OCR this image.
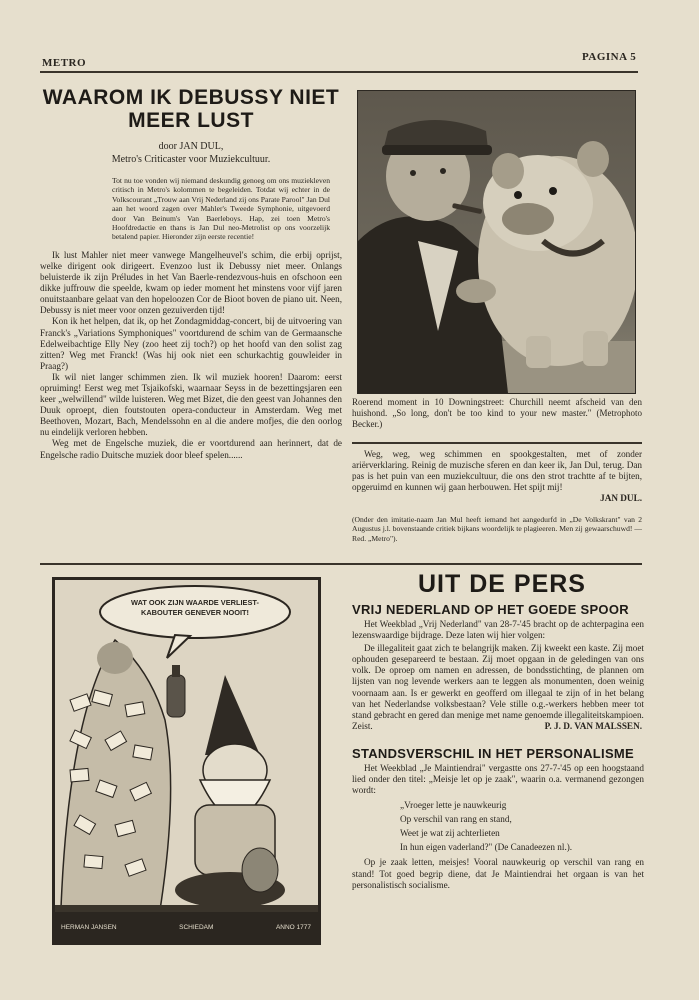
METRO	PAGINA 5
WAAROM IK DEBUSSY NIET
MEER LUST
door JAN DUL,
Metro's Criticaster voor Muziekcultuur.
Tot nu toe vonden wij niemand deskundig genoeg om ons muziekleven critisch in Metro's kolommen te begeleiden. Totdat wij echter in de Volkscourant „Trouw aan Vrij Nederland zij ons Parate Parool" Jan Dul aan het woord zagen over Mahler's Tweede Symphonie, uitgevoerd door Van Beinum's Van Baerleboys. Hap, zei toen Metro's Hoofdredactie en thans is Jan Dul neo-Metrolist op ons voorzelijk betalend papier. Hieronder zijn eerste recentie!

Ik lust Mahler niet meer vanwege Mangelheuvel's schim, die erbij oprijst, welke dirigent ook dirigeert. Evenzoo lust ik Debussy niet meer. Onlangs beluisterde ik zijn Préludes in het Van Baerle-rendezvous-huis en ofschoon een dikke juffrouw die speelde, kwam op ieder moment het minstens voor vijf jaren onuitstaanbare gelaat van den hopeloozen Cor de Bioot boven de piano uit. Neen, Debussy is niet meer voor onzen gezuiverden tijd!

Kon ik het helpen, dat ik, op het Zondagmiddag-concert, bij de uitvoering van Franck's „Variations Symphoniques" voortdurend de schim van de Germaansche Edelweibachtige Elly Ney (zoo heet zij toch?) op het hoofd van den solist zag zitten? Weg met Franck! (Was hij ook niet een schurkachtig gouwleider in Praag?)

Ik wil niet langer schimmen zien. Ik wil muziek hooren! Daarom: eerst opruiming! Eerst weg met Tsjaikofski, waarnaar Seyss in de bezettingsjaren een keer „welwillend" wilde luisteren. Weg met Bizet, die den geest van Johannes den Duuk oproept, dien foutstouten opera-conducteur in Amsterdam. Weg met Beethoven, Mozart, Bach, Mendelssohn en al die andere mofjes, die den oorlog nu eindelijk verloren hebben.

Weg met de Engelsche muziek, die er voortdurend aan herinnert, dat de Engelsche radio Duitsche muziek door bleef spelen......

Roerend moment in 10 Downingstreet: Churchill neemt afscheid van den huishond. „So long, don't be too kind to your new master." (Metrophoto Becker.)

Weg, weg, weg schimmen en spookgestalten, met of zonder ariërverklaring. Reinig de muzische sferen en dan keer ik, Jan Dul, terug. Dan pas is het puin van een muziekcultuur, die ons den strot trachtte af te bijten, opgeruimd en kunnen wij gaan herbouwen. Het spijt mij!

JAN DUL.
(Onder den imitatie-naam Jan Mul heeft iemand het aangedurfd in „De Volkskrant" van 2 Augustus j.l. bovenstaande critiek bijkans woordelijk te plagieeren. Men zij gewaarschuwd! — Red. „Metro").
WAT OOK ZIJN WAARDE VERLIEST-
KABOUTER GENEVER NOOIT!
HERMAN JANSEN	SCHIEDAM	ANNO 1777
UIT DE PERS
VRIJ NEDERLAND OP HET GOEDE SPOOR

Het Weekblad „Vrij Nederland" van 28-7-'45 bracht op de achterpagina een lezenswaardige bijdrage. Deze laten wij hier volgen:

De illegaliteit gaat zich te belangrijk maken. Zij kweekt een kaste. Zij moet ophouden gesepareerd te bestaan. Zij moet opgaan in de geledingen van ons volk. De oproep om namen en adressen, de bondsstichting, de plannen om lijsten van nog levende werkers aan te leggen als monumenten, doen weinig voornaam aan. Is er gewerkt en geofferd om illegaal te zijn of in het belang van het Nederlandse volksbestaan? Vele stille o.g.-werkers hebben meer tot stand gebracht en gered dan menige met name genoemde illegaliteitskampioen.

Zeist.	P. J. D. VAN MALSSEN.
STANDSVERSCHIL IN HET PERSONALISME

Het Weekblad „Je Maintiendrai" vergastte ons 27-7-'45 op een hoogstaand lied onder den titel: „Meisje let op je zaak", waarin o.a. vermanend gezongen wordt:

„Vroeger lette je nauwkeurig
Op verschil van rang en stand,
Weet je wat zij achterlieten
In hun eigen vaderland?" (De Canadeezen nl.).

Op je zaak letten, meisjes! Vooral nauwkeurig op verschil van rang en stand! Tot goed begrip diene, dat Je Maintiendrai het orgaan is van het personalistisch socialisme.
